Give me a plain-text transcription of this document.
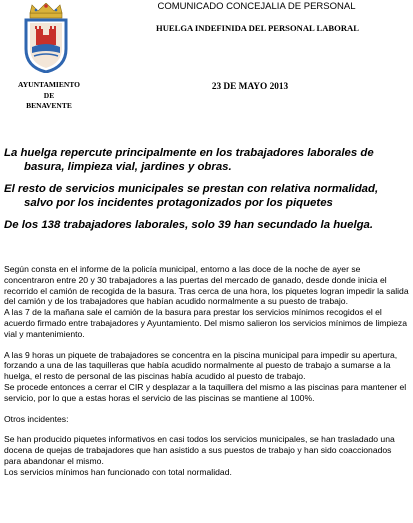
AYUNTAMIENTO
DE
BENAVENTE
COMUNICADO CONCEJALIA DE PERSONAL
HUELGA INDEFINIDA DEL PERSONAL LABORAL
23 DE MAYO 2013

La huelga repercute principalmente en los trabajadores laborales de basura, limpieza vial, jardines y obras.

El resto de servicios municipales se prestan con relativa normalidad, salvo por los incidentes protagonizados por los piquetes

De los 138 trabajadores laborales, solo 39 han secundado la huelga.

Según consta en el informe de la policía municipal, entorno a las doce de la noche de ayer se concentraron entre 20 y 30 trabajadores a las puertas del mercado de ganado, desde donde inicia el recorrido el camión de recogida de la basura. Tras cerca de una hora, los piquetes logran impedir la salida del camión y de los trabajadores que habían acudido normalmente a su puesto de trabajo.

A las 7 de la mañana sale el camión de la basura para prestar los servicios mínimos recogidos el el acuerdo firmado entre trabajadores y Ayuntamiento. Del mismo salieron los servicios mínimos de limpieza vial y mantenimiento.

A las 9 horas un piquete de trabajadores se concentra en la piscina municipal para impedir su apertura, forzando a una de las taquilleras que había acudido normalmente al puesto de trabajo a sumarse a la huelga, el resto de personal de las piscinas había acudido al puesto de trabajo.

Se procede entonces a cerrar el CIR y desplazar a la taquillera del mismo a las piscinas para mantener el servicio, por lo que a estas horas el servicio de las piscinas se mantiene al 100%.

Otros incidentes:

Se han producido piquetes informativos en casi todos los servicios municipales, se han trasladado una docena de quejas de trabajadores que han asistido a sus puestos de trabajo y han sido coaccionados para abandonar el mismo.

Los servicios mínimos han funcionado con total normalidad.
